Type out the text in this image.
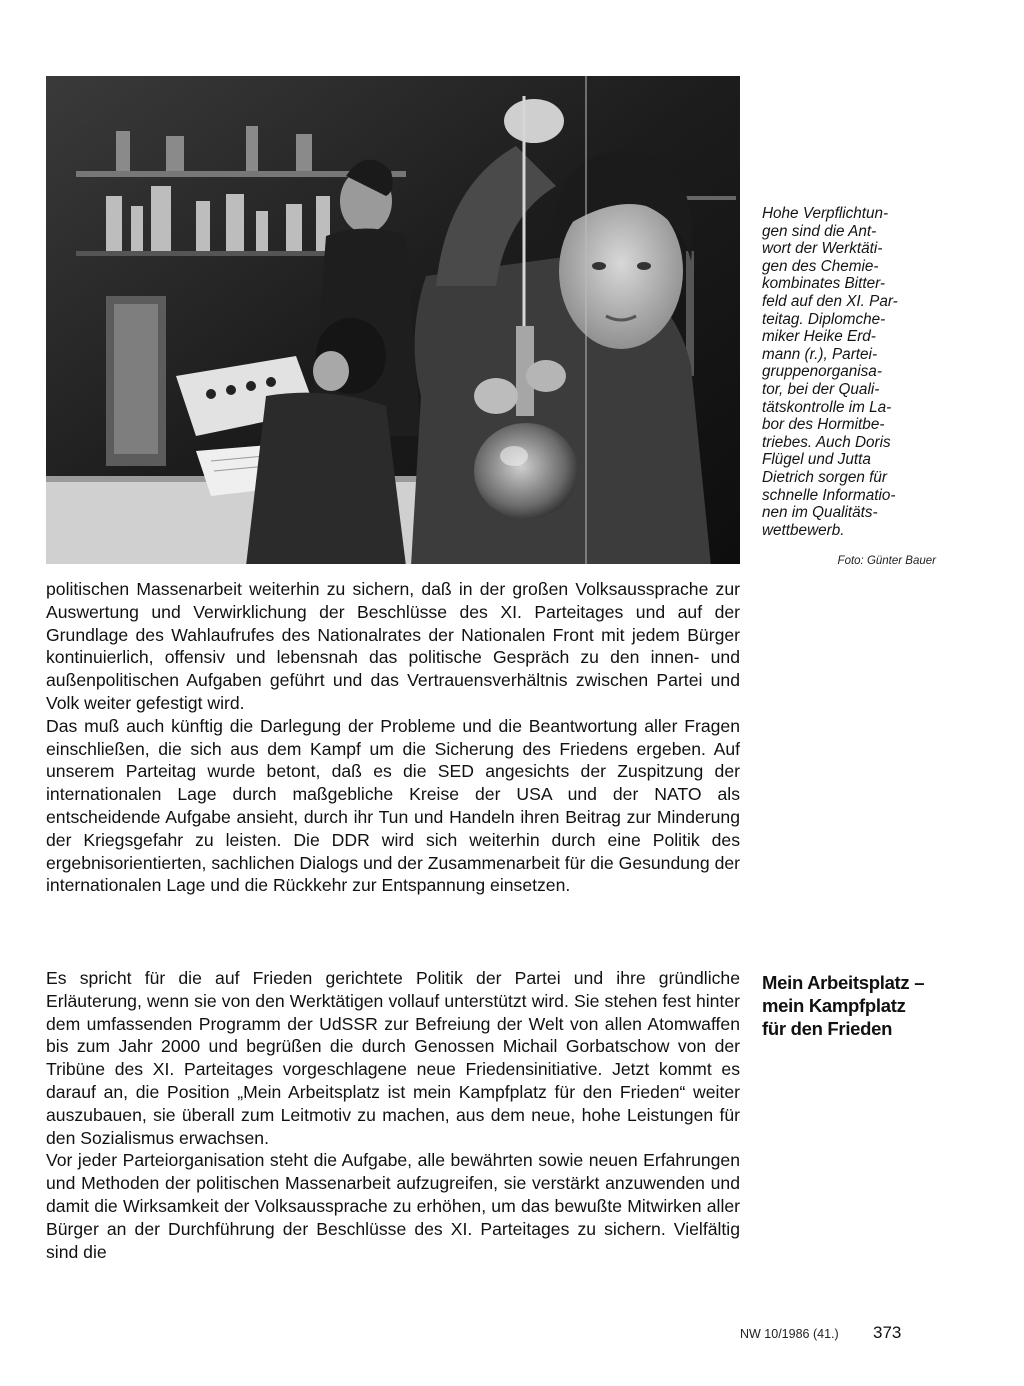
Hohe Verpflichtun-
gen sind die Ant-
wort der Werktäti-
gen des Chemie-
kombinates Bitter-
feld auf den XI. Par-
teitag. Diplomche-
miker Heike Erd-
mann (r.), Partei-
gruppenorganisa-
tor, bei der Quali-
tätskontrolle im La-
bor des Hormitbe-
triebes. Auch Doris
Flügel und Jutta
Dietrich sorgen für
schnelle Informatio-
nen im Qualitäts-
wettbewerb.

Foto: Günter Bauer

politischen Massenarbeit weiterhin zu sichern, daß in der großen Volksaussprache zur Auswertung und Verwirklichung der Beschlüsse des XI. Parteitages und auf der Grundlage des Wahlaufrufes des Nationalrates der Nationalen Front mit jedem Bürger kontinuierlich, offensiv und lebensnah das politische Gespräch zu den innen- und außenpolitischen Aufgaben geführt und das Vertrauensverhältnis zwischen Partei und Volk weiter gefestigt wird.

Das muß auch künftig die Darlegung der Probleme und die Beantwortung aller Fragen einschließen, die sich aus dem Kampf um die Sicherung des Friedens ergeben. Auf unserem Parteitag wurde betont, daß es die SED angesichts der Zuspitzung der internationalen Lage durch maßgebliche Kreise der USA und der NATO als entscheidende Aufgabe ansieht, durch ihr Tun und Handeln ihren Beitrag zur Minderung der Kriegsgefahr zu leisten. Die DDR wird sich weiterhin durch eine Politik des ergebnisorientierten, sachlichen Dialogs und der Zusammenarbeit für die Gesundung der internationalen Lage und die Rückkehr zur Entspannung einsetzen.

Es spricht für die auf Frieden gerichtete Politik der Partei und ihre gründliche Erläuterung, wenn sie von den Werktätigen vollauf unterstützt wird. Sie stehen fest hinter dem umfassenden Programm der UdSSR zur Befreiung der Welt von allen Atomwaffen bis zum Jahr 2000 und begrüßen die durch Genossen Michail Gorbatschow von der Tribüne des XI. Parteitages vorgeschlagene neue Friedensinitiative. Jetzt kommt es darauf an, die Position „Mein Arbeitsplatz ist mein Kampfplatz für den Frieden“ weiter auszubauen, sie überall zum Leitmotiv zu machen, aus dem neue, hohe Leistungen für den Sozialismus erwachsen.

Vor jeder Parteiorganisation steht die Aufgabe, alle bewährten sowie neuen Erfahrungen und Methoden der politischen Massenarbeit aufzugreifen, sie verstärkt anzuwenden und damit die Wirksamkeit der Volksaussprache zu erhöhen, um das bewußte Mitwirken aller Bürger an der Durchführung der Beschlüsse des XI. Parteitages zu sichern. Vielfältig sind die

Mein Arbeitsplatz –
mein Kampfplatz
für den Frieden
NW 10/1986 (41.) 373
